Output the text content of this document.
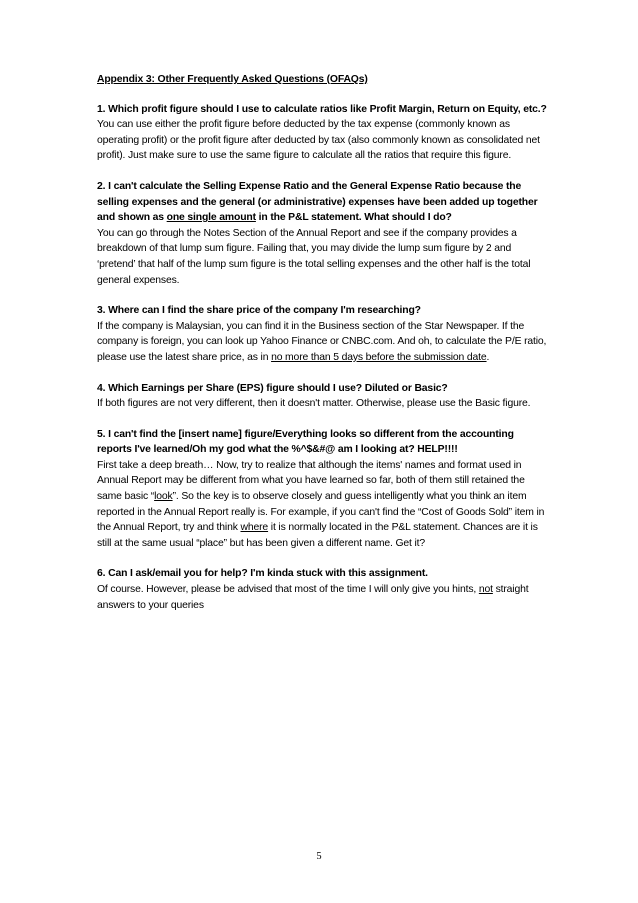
Appendix 3: Other Frequently Asked Questions (OFAQs)
1. Which profit figure should I use to calculate ratios like Profit Margin, Return on Equity, etc.?
You can use either the profit figure before deducted by the tax expense (commonly known as operating profit) or the profit figure after deducted by tax (also commonly known as consolidated net profit). Just make sure to use the same figure to calculate all the ratios that require this figure.
2. I can't calculate the Selling Expense Ratio and the General Expense Ratio because the selling expenses and the general (or administrative) expenses have been added up together and shown as one single amount in the P&L statement. What should I do?
You can go through the Notes Section of the Annual Report and see if the company provides a breakdown of that lump sum figure. Failing that, you may divide the lump sum figure by 2 and ‘pretend’ that half of the lump sum figure is the total selling expenses and the other half is the total general expenses.
3. Where can I find the share price of the company I'm researching?
If the company is Malaysian, you can find it in the Business section of the Star Newspaper. If the company is foreign, you can look up Yahoo Finance or CNBC.com. And oh, to calculate the P/E ratio, please use the latest share price, as in no more than 5 days before the submission date.
4. Which Earnings per Share (EPS) figure should I use? Diluted or Basic?
If both figures are not very different, then it doesn't matter. Otherwise, please use the Basic figure.
5. I can't find the [insert name] figure/Everything looks so different from the accounting reports I've learned/Oh my god what the %^$&#@ am I looking at? HELP!!!!
First take a deep breath… Now, try to realize that although the items' names and format used in Annual Report may be different from what you have learned so far, both of them still retained the same basic “look”. So the key is to observe closely and guess intelligently what you think an item reported in the Annual Report really is. For example, if you can't find the “Cost of Goods Sold” item in the Annual Report, try and think where it is normally located in the P&L statement. Chances are it is still at the same usual “place” but has been given a different name. Get it?
6. Can I ask/email you for help? I'm kinda stuck with this assignment.
Of course. However, please be advised that most of the time I will only give you hints, not straight answers to your queries
5
